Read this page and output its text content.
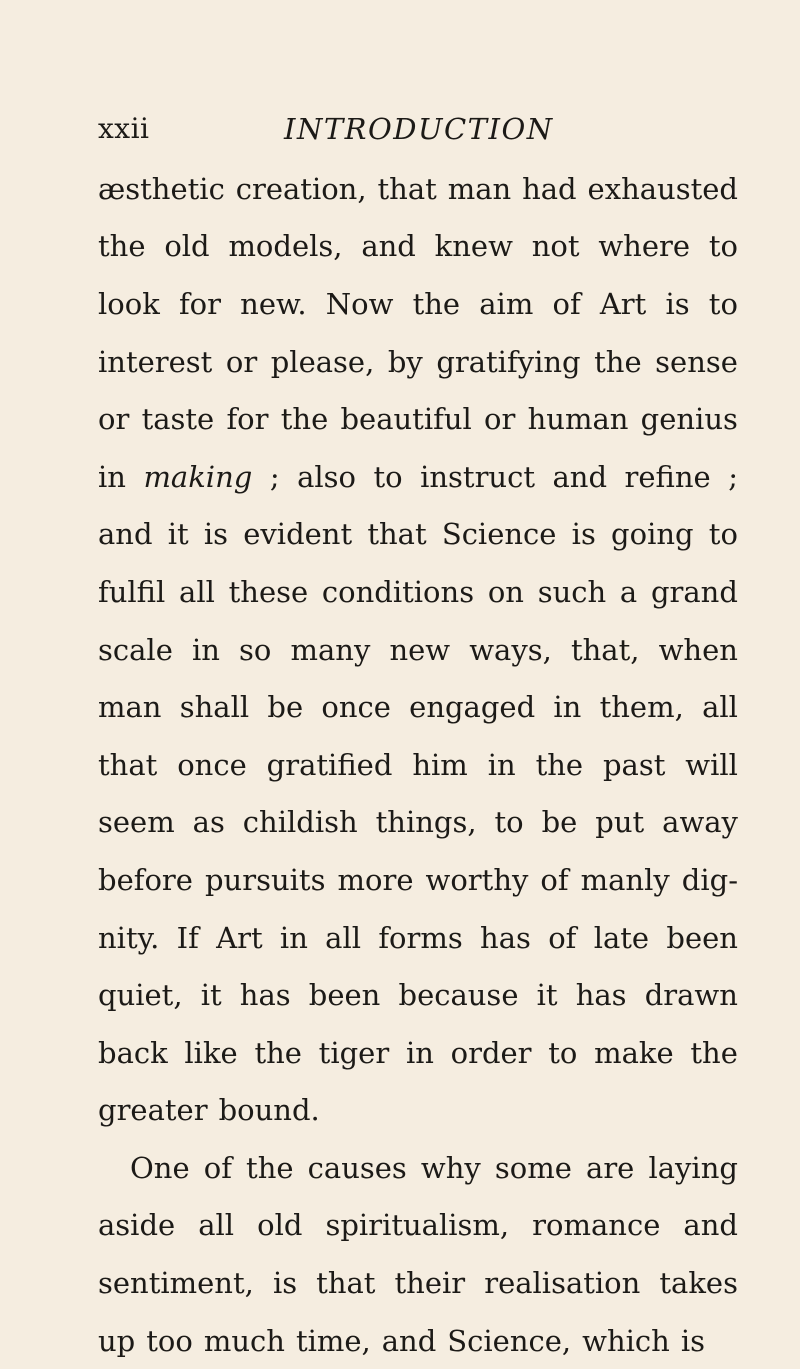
xxii	INTRODUCTION
æsthetic creation, that man had exhausted
the old models, and knew not where to
look for new. Now the aim of Art is to
interest or please, by gratifying the sense
or taste for the beautiful or human genius
in making ; also to instruct and refine ;
and it is evident that Science is going to
fulfil all these conditions on such a grand
scale in so many new ways, that, when
man shall be once engaged in them, all
that once gratified him in the past will
seem as childish things, to be put away
before pursuits more worthy of manly dig-
nity. If Art in all forms has of late been
quiet, it has been because it has drawn
back like the tiger in order to make the
greater bound.
One of the causes why some are laying
aside all old spiritualism, romance and
sentiment, is that their realisation takes
up too much time, and Science, which is
